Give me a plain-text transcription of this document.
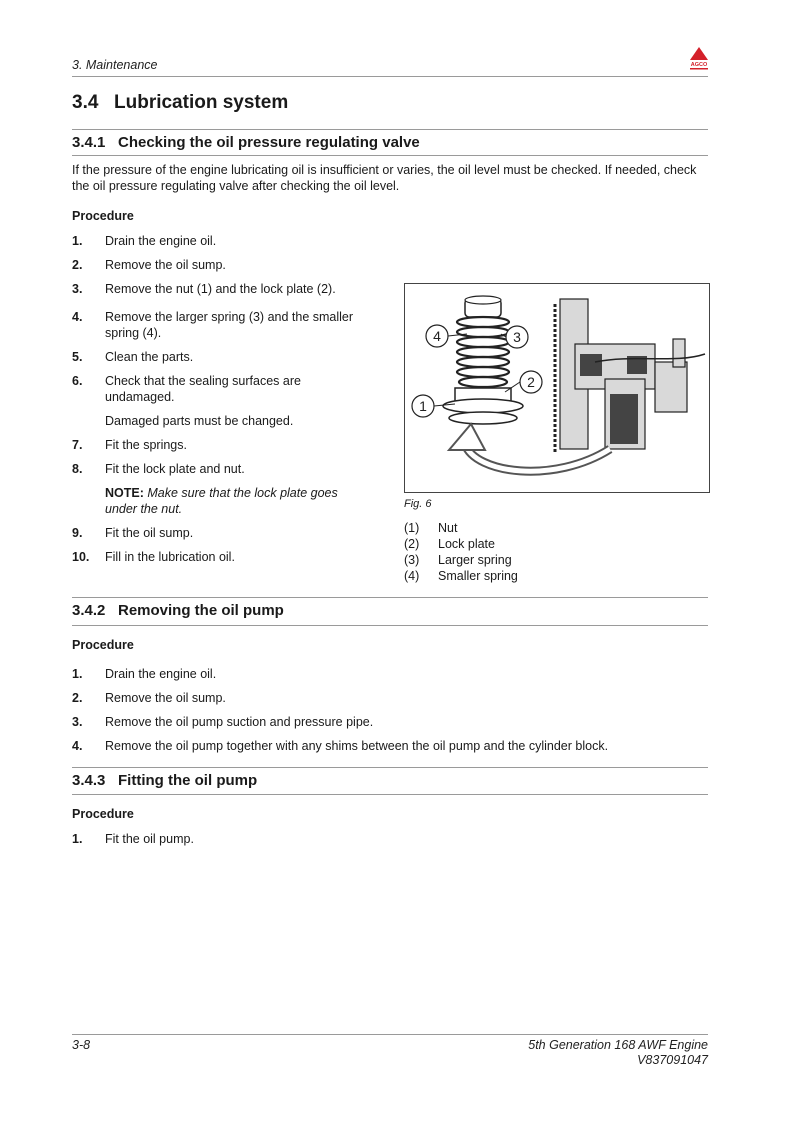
3. Maintenance	AGCO
3.4 Lubrication system
3.4.1 Checking the oil pressure regulating valve
If the pressure of the engine lubricating oil is insufficient or varies, the oil level must be checked. If needed, check the oil pressure regulating valve after checking the oil level.
Procedure
1. Drain the engine oil.
2. Remove the oil sump.
3. Remove the nut (1) and the lock plate (2).
4. Remove the larger spring (3) and the smaller spring (4).
5. Clean the parts.
6. Check that the sealing surfaces are undamaged.
Damaged parts must be changed.
7. Fit the springs.
8. Fit the lock plate and nut.
NOTE: Make sure that the lock plate goes under the nut.
9. Fit the oil sump.
10. Fill in the lubrication oil.
1
2
3
4
Fig. 6
(1) Nut
(2) Lock plate
(3) Larger spring
(4) Smaller spring
3.4.2 Removing the oil pump
Procedure
1. Drain the engine oil.
2. Remove the oil sump.
3. Remove the oil pump suction and pressure pipe.
4. Remove the oil pump together with any shims between the oil pump and the cylinder block.
3.4.3 Fitting the oil pump
Procedure
1. Fit the oil pump.
3-8	5th Generation 168 AWF Engine
V837091047
